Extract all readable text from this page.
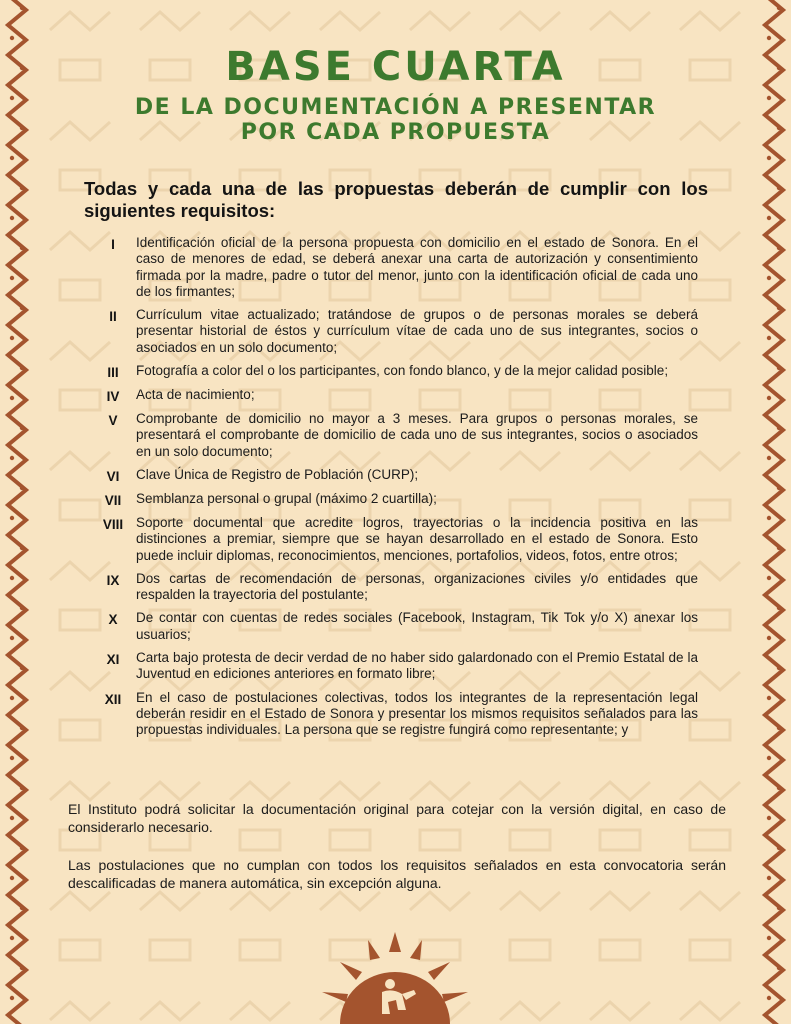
BASE CUARTA
DE LA DOCUMENTACIÓN A PRESENTAR
POR CADA PROPUESTA
Todas y cada una de las propuestas deberán de cumplir con los siguientes requisitos:
I	Identificación oficial de la persona propuesta con domicilio en el estado de Sonora. En el caso de menores de edad, se deberá anexar una carta de autorización y consentimiento firmada por la madre, padre o tutor del menor, junto con la identificación oficial de cada uno de los firmantes;
II	Currículum vitae actualizado; tratándose de grupos o de personas morales se deberá presentar historial de éstos y currículum vítae de cada uno de sus integrantes, socios o asociados en un solo documento;
III	Fotografía a color del o los participantes, con fondo blanco, y de la mejor calidad posible;
IV	Acta de nacimiento;
V	Comprobante de domicilio no mayor a 3 meses. Para grupos o personas morales, se presentará el comprobante de domicilio de cada uno de sus integrantes, socios o asociados en un solo documento;
VI	Clave Única de Registro de Población (CURP);
VII	Semblanza personal o grupal (máximo 2 cuartilla);
VIII Soporte documental que acredite logros, trayectorias o la incidencia positiva en las distinciones a premiar, siempre que se hayan desarrollado en el estado de Sonora. Esto puede incluir diplomas, reconocimientos, menciones, portafolios, videos, fotos, entre otros;
IX	Dos cartas de recomendación de personas, organizaciones civiles y/o entidades que respalden la trayectoria del postulante;
X	De contar con cuentas de redes sociales (Facebook, Instagram, Tik Tok y/o X) anexar los usuarios;
XI	Carta bajo protesta de decir verdad de no haber sido galardonado con el Premio Estatal de la Juventud en ediciones anteriores en formato libre;
XII	En el caso de postulaciones colectivas, todos los integrantes de la representación legal deberán residir en el Estado de Sonora y presentar los mismos requisitos señalados para las propuestas individuales. La persona que se registre fungirá como representante; y
El Instituto podrá solicitar la documentación original para cotejar con la versión digital, en caso de considerarlo necesario.
Las postulaciones que no cumplan con todos los requisitos señalados en esta convocatoria serán descalificadas de manera automática, sin excepción alguna.
